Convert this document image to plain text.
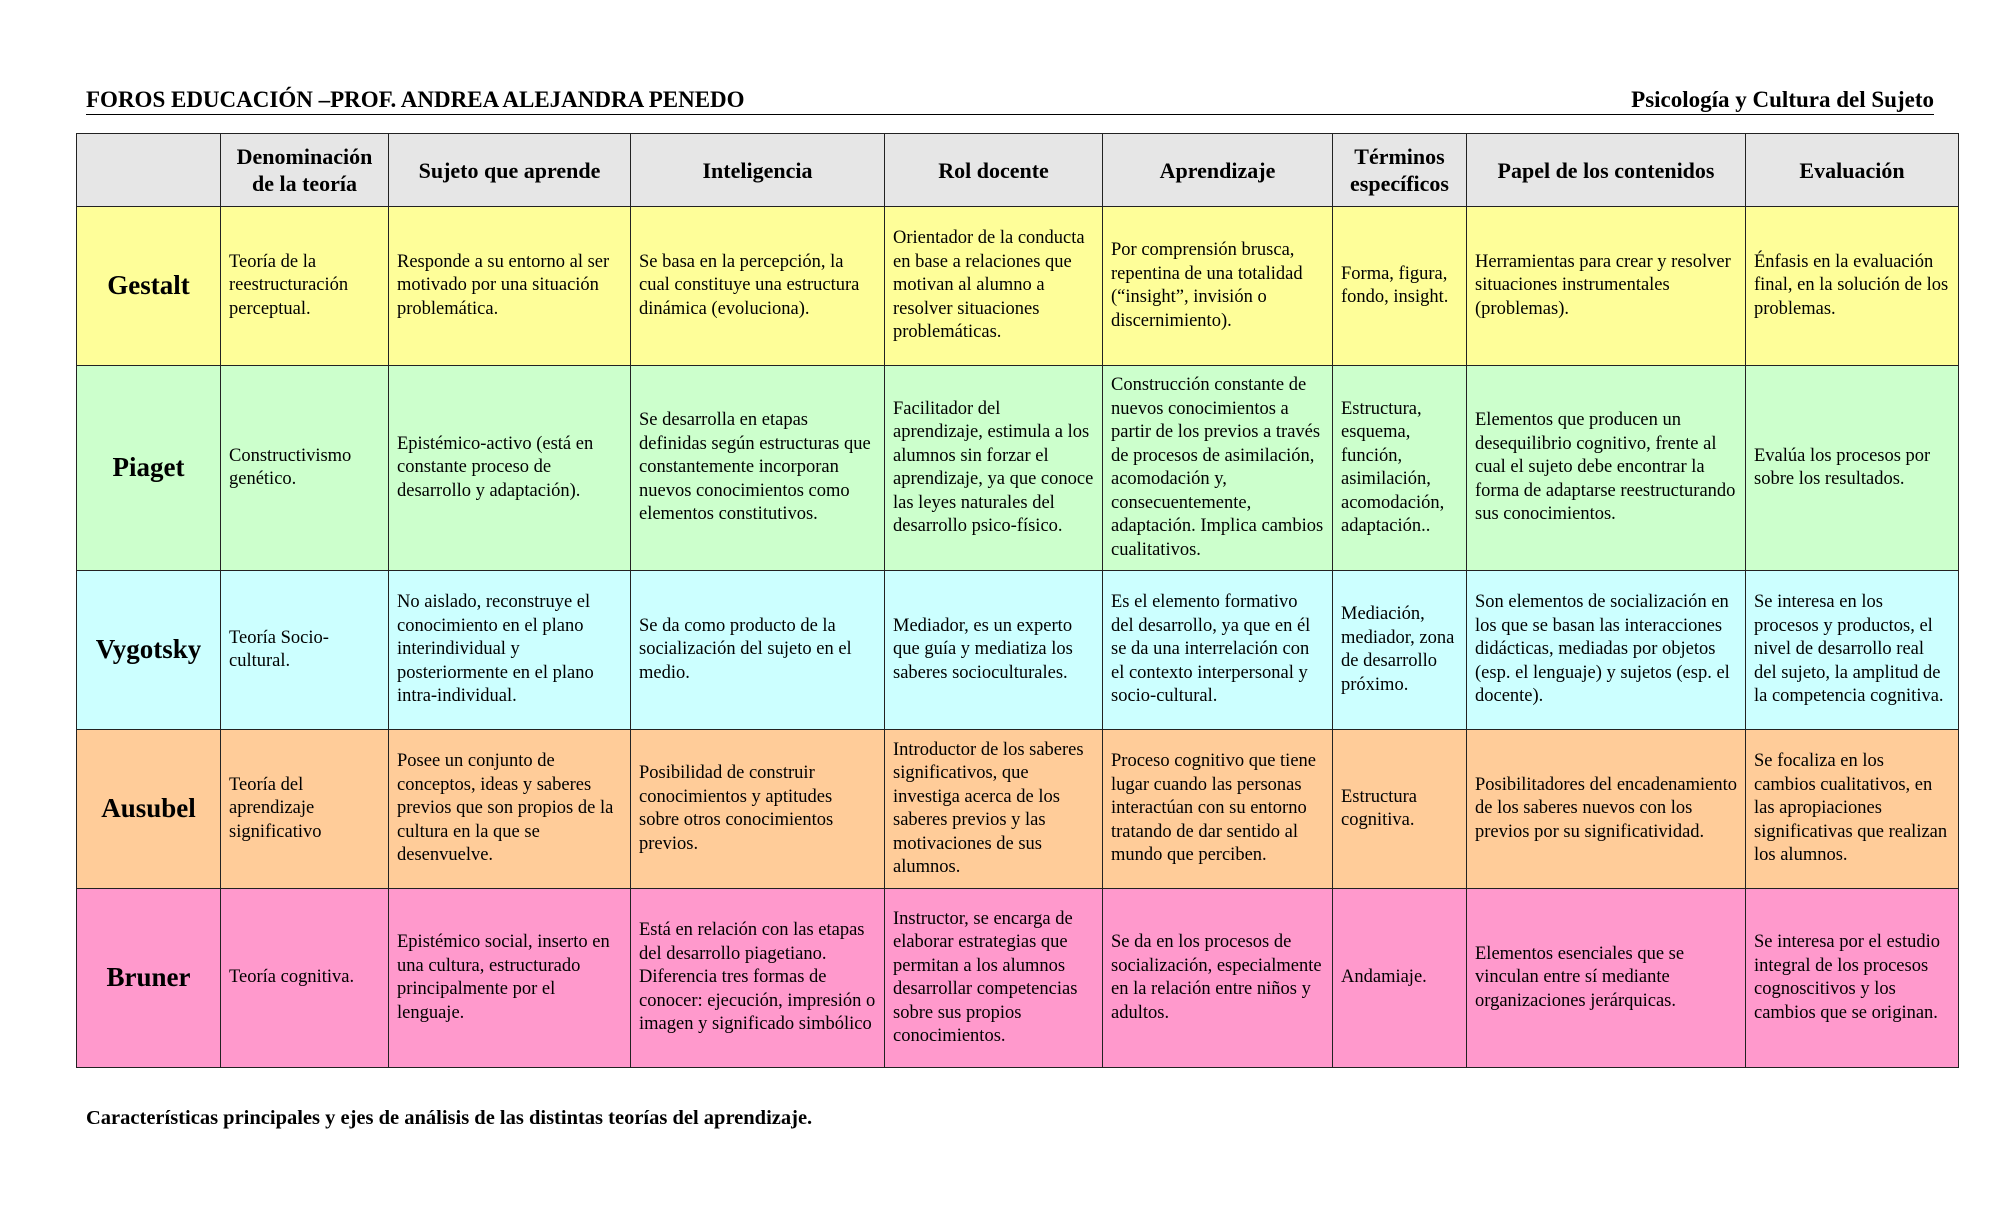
FOROS EDUCACIÓN –PROF. ANDREA ALEJANDRA PENEDO	Psicología y Cultura del Sujeto
	Denominación de la teoría	Sujeto que aprende	Inteligencia	Rol docente	Aprendizaje	Términos específicos	Papel de los contenidos	Evaluación
Gestalt	Teoría de la reestructuración perceptual.	Responde a su entorno al ser motivado por una situación problemática.	Se basa en la percepción, la cual constituye una estructura dinámica (evoluciona).	Orientador de la conducta en base a relaciones que motivan al alumno a resolver situaciones problemáticas.	Por comprensión brusca, repentina de una totalidad (“insight”, invisión o discernimiento).	Forma, figura, fondo, insight.	Herramientas para crear y resolver situaciones instrumentales (problemas).	Énfasis en la evaluación final, en la solución de los problemas.
Piaget	Constructivismo genético.	Epistémico-activo (está en constante proceso de desarrollo y adaptación).	Se desarrolla en etapas definidas según estructuras que constantemente incorporan nuevos conocimientos como elementos constitutivos.	Facilitador del aprendizaje, estimula a los alumnos sin forzar el aprendizaje, ya que conoce las leyes naturales del desarrollo psico-físico.	Construcción constante de nuevos conocimientos a partir de los previos a través de procesos de asimilación, acomodación y, consecuentemente, adaptación. Implica cambios cualitativos.	Estructura, esquema, función, asimilación, acomodación, adaptación..	Elementos que producen un desequilibrio cognitivo, frente al cual el sujeto debe encontrar la forma de adaptarse reestructurando sus conocimientos.	Evalúa los procesos por sobre los resultados.
Vygotsky	Teoría Socio-cultural.	No aislado, reconstruye el conocimiento en el plano interindividual y posteriormente en el plano intra-individual.	Se da como producto de la socialización del sujeto en el medio.	Mediador, es un experto que guía y mediatiza los saberes socioculturales.	Es el elemento formativo del desarrollo, ya que en él se da una interrelación con el contexto interpersonal y socio-cultural.	Mediación, mediador, zona de desarrollo próximo.	Son elementos de socialización en los que se basan las interacciones didácticas, mediadas por objetos (esp. el lenguaje) y sujetos (esp. el docente).	Se interesa en los procesos y productos, el nivel de desarrollo real del sujeto, la amplitud de la competencia cognitiva.
Ausubel	Teoría del aprendizaje significativo	Posee un conjunto de conceptos, ideas y saberes previos que son propios de la cultura en la que se desenvuelve.	Posibilidad de construir conocimientos y aptitudes sobre otros conocimientos previos.	Introductor de los saberes significativos, que investiga acerca de los saberes previos y las motivaciones de sus alumnos.	Proceso cognitivo que tiene lugar cuando las personas interactúan con su entorno tratando de dar sentido al mundo que perciben.	Estructura cognitiva.	Posibilitadores del encadenamiento de los saberes nuevos con los previos por su significatividad.	Se focaliza en los cambios cualitativos, en las apropiaciones significativas que realizan los alumnos.
Bruner	Teoría cognitiva.	Epistémico social, inserto en una cultura, estructurado principalmente por el lenguaje.	Está en relación con las etapas del desarrollo piagetiano. Diferencia tres formas de conocer: ejecución, impresión o imagen y significado simbólico	Instructor, se encarga de elaborar estrategias que permitan a los alumnos desarrollar competencias sobre sus propios conocimientos.	Se da en los procesos de socialización, especialmente en la relación entre niños y adultos.	Andamiaje.	Elementos esenciales que se vinculan entre sí mediante organizaciones jerárquicas.	Se interesa por el estudio integral de los procesos cognoscitivos y los cambios que se originan.
Características principales y ejes de análisis de las distintas teorías del aprendizaje.
